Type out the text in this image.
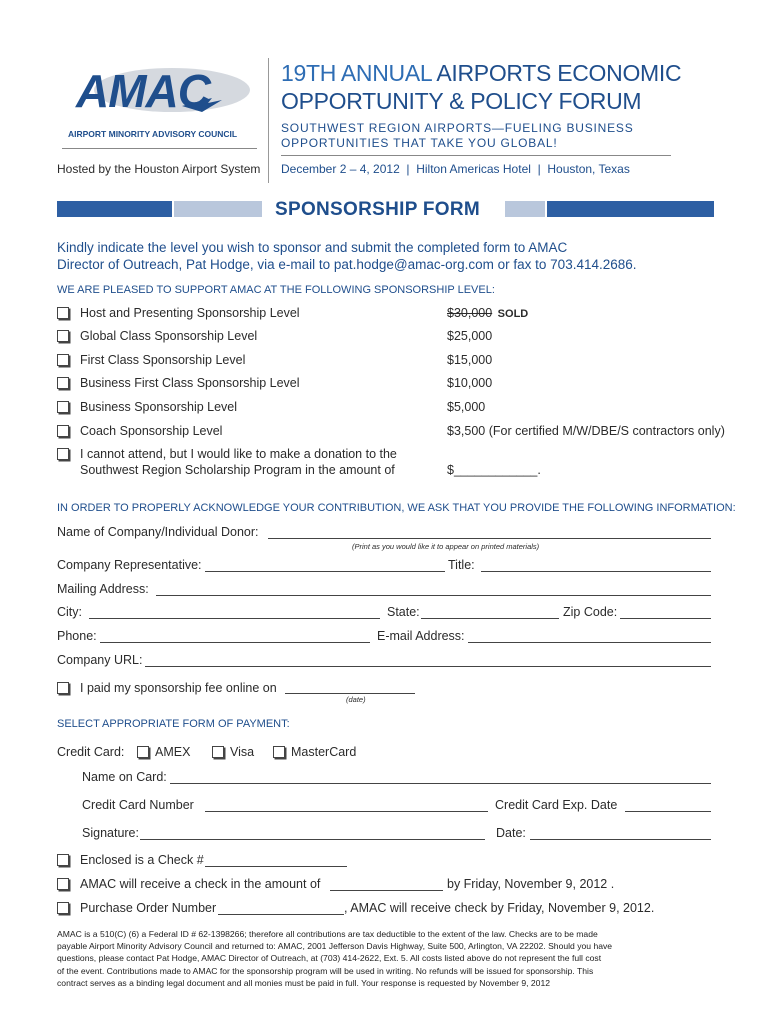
AMAC
AIRPORT MINORITY ADVISORY COUNCIL
Hosted by the Houston Airport System
19TH ANNUAL AIRPORTS ECONOMIC
OPPORTUNITY & POLICY FORUM
SOUTHWEST REGION AIRPORTS—FUELING BUSINESS
OPPORTUNITIES THAT TAKE YOU GLOBAL!
December 2 – 4, 2012  |  Hilton Americas Hotel  |  Houston, Texas
SPONSORSHIP FORM
Kindly indicate the level you wish to sponsor and submit the completed form to AMAC
Director of Outreach, Pat Hodge, via e-mail to pat.hodge@amac-org.com or fax to 703.414.2686.
WE ARE PLEASED TO SUPPORT AMAC AT THE FOLLOWING SPONSORSHIP LEVEL:
Host and Presenting Sponsorship Level	$30,000 SOLD
Global Class Sponsorship Level	$25,000
First Class Sponsorship Level	$15,000
Business First Class Sponsorship Level	$10,000
Business Sponsorship Level	$5,000
Coach Sponsorship Level	$3,500 (For certified M/W/DBE/S contractors only)
I cannot attend, but I would like to make a donation to the
Southwest Region Scholarship Program in the amount of	$____________.
IN ORDER TO PROPERLY ACKNOWLEDGE YOUR CONTRIBUTION, WE ASK THAT YOU PROVIDE THE FOLLOWING INFORMATION:
Name of Company/Individual Donor:
(Print as you would like it to appear on printed materials)
Company Representative:	Title:
Mailing Address:
City:	State:	Zip Code:
Phone:	E-mail Address:
Company URL:
I paid my sponsorship fee online on
(date)
SELECT APPROPRIATE FORM OF PAYMENT:
Credit Card: AMEX	Visa	MasterCard
Name on Card:
Credit Card Number	Credit Card Exp. Date
Signature:	Date:
Enclosed is a Check #
AMAC will receive a check in the amount of	by Friday, November 9, 2012 .
Purchase Order Number	, AMAC will receive check by Friday, November 9, 2012.
AMAC is a 510(C) (6) a Federal ID # 62-1398266; therefore all contributions are tax deductible to the extent of the law. Checks are to be made
payable Airport Minority Advisory Council and returned to: AMAC, 2001 Jefferson Davis Highway, Suite 500, Arlington, VA 22202. Should you have
questions, please contact Pat Hodge, AMAC Director of Outreach, at (703) 414-2622, Ext. 5. All costs listed above do not represent the full cost
of the event. Contributions made to AMAC for the sponsorship program will be used in writing. No refunds will be issued for sponsorship. This
contract serves as a binding legal document and all monies must be paid in full. Your response is requested by November 9, 2012
